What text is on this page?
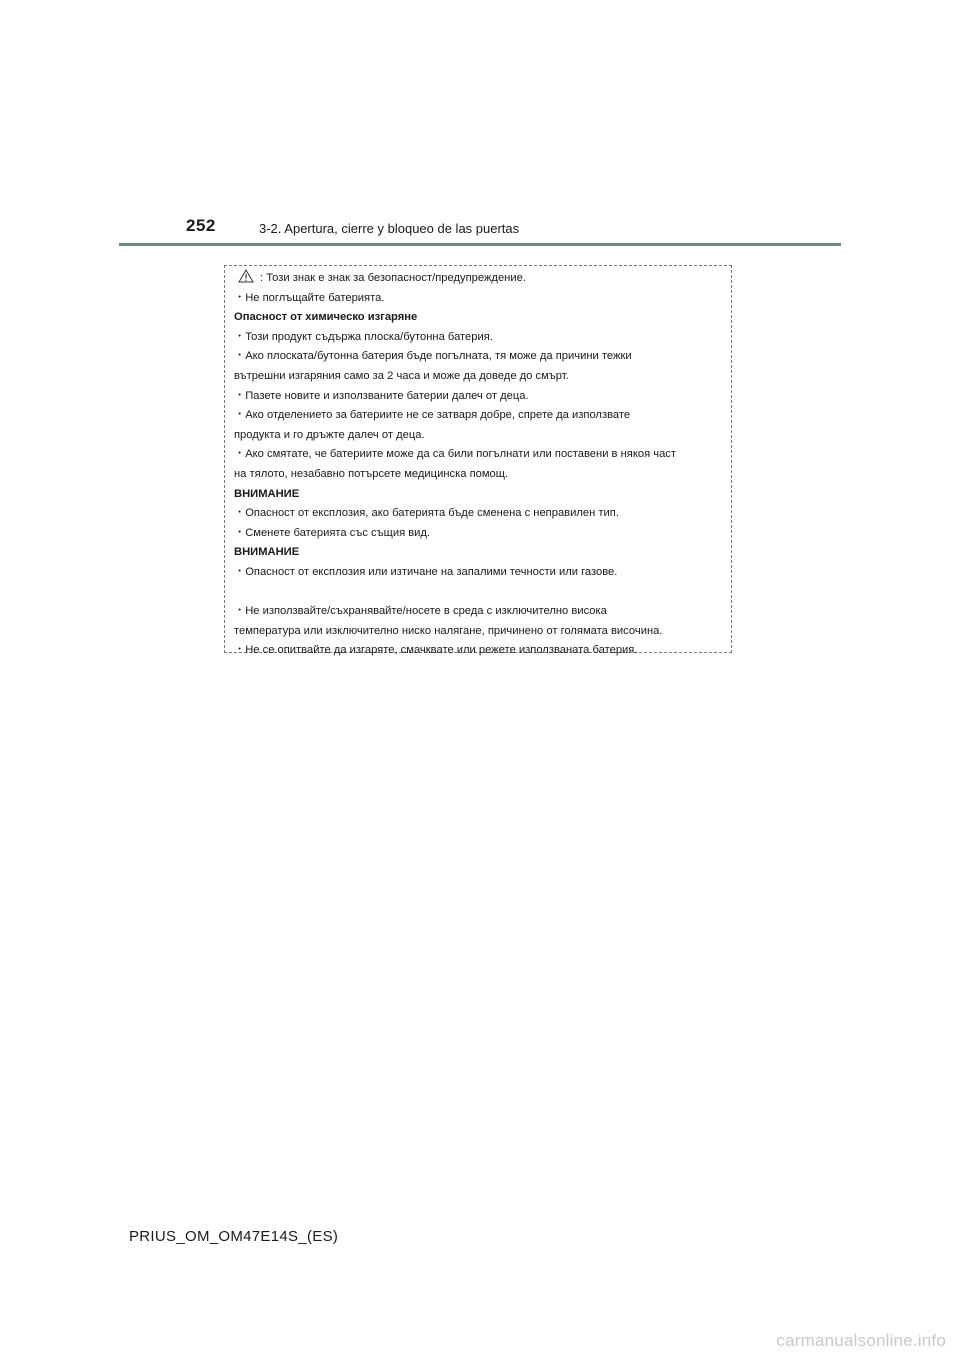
252	3-2. Apertura, cierre y bloqueo de las puertas
: Този знак е знак за безопасност/предупреждение.
・Не поглъщайте батерията.
Опасност от химическо изгаряне
・Този продукт съдържа плоска/бутонна батерия.
・Ако плоската/бутонна батерия бъде погълната, тя може да причини тежки
вътрешни изгаряния само за 2 часа и може да доведе до смърт.
・Пазете новите и използваните батерии далеч от деца.
・Ако отделението за батериите не се затваря добре, спрете да използвате
продукта и го дръжте далеч от деца.
・Ако смятате, че батериите може да са били погълнати или поставени в някоя част
на тялото, незабавно потърсете медицинска помощ.
ВНИМАНИЕ
・Опасност от експлозия, ако батерията бъде сменена с неправилен тип.
・Сменете батерията със същия вид.
ВНИМАНИЕ
・Опасност от експлозия или изтичане на запалими течности или газове.
・Не използвайте/съхранявайте/носете в среда с изключително висока
температура или изключително ниско налягане, причинено от голямата височина.
・Не се опитвайте да изгаряте, смачквате или режете използваната батерия.
PRIUS_OM_OM47E14S_(ES)
carmanualsonline.info
